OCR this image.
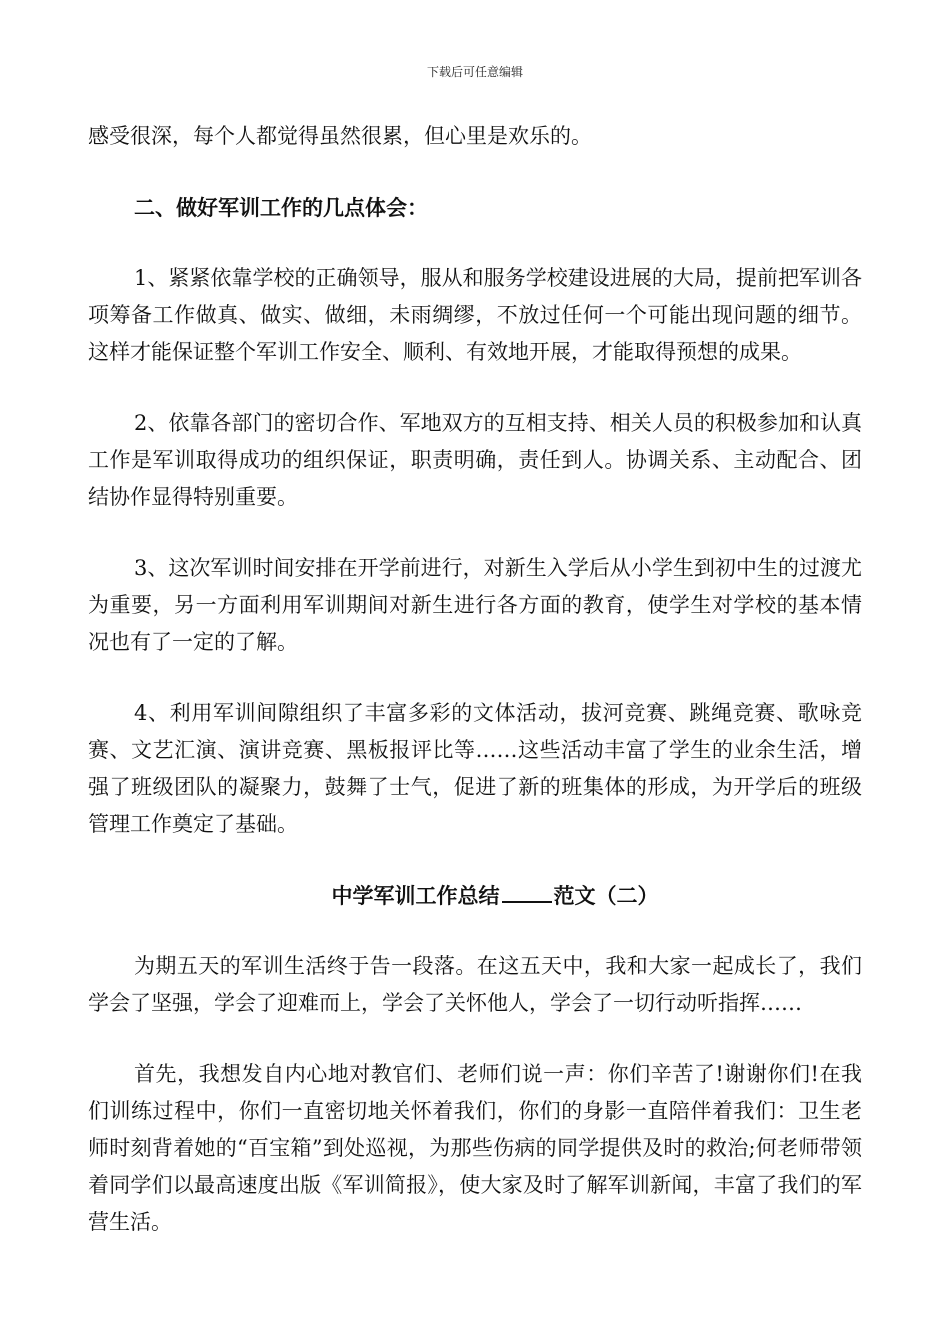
下载后可任意编辑

感受很深，每个人都觉得虽然很累，但心里是欢乐的。

二、做好军训工作的几点体会：

1、紧紧依靠学校的正确领导，服从和服务学校建设进展的大局，提前把军训各项筹备工作做真、做实、做细，未雨绸缪，不放过任何一个可能出现问题的细节。这样才能保证整个军训工作安全、顺利、有效地开展，才能取得预想的成果。

2、依靠各部门的密切合作、军地双方的互相支持、相关人员的积极参加和认真工作是军训取得成功的组织保证，职责明确，责任到人。协调关系、主动配合、团结协作显得特别重要。

3、这次军训时间安排在开学前进行，对新生入学后从小学生到初中生的过渡尤为重要，另一方面利用军训期间对新生进行各方面的教育，使学生对学校的基本情况也有了一定的了解。

4、利用军训间隙组织了丰富多彩的文体活动，拔河竞赛、跳绳竞赛、歌咏竞赛、文艺汇演、演讲竞赛、黑板报评比等……这些活动丰富了学生的业余生活，增强了班级团队的凝聚力，鼓舞了士气，促进了新的班集体的形成，为开学后的班级管理工作奠定了基础。

中学军训工作总结	范文（二）

为期五天的军训生活终于告一段落。在这五天中，我和大家一起成长了，我们学会了坚强，学会了迎难而上，学会了关怀他人，学会了一切行动听指挥……

首先，我想发自内心地对教官们、老师们说一声：你们辛苦了!谢谢你们!在我们训练过程中，你们一直密切地关怀着我们，你们的身影一直陪伴着我们：卫生老师时刻背着她的“百宝箱”到处巡视，为那些伤病的同学提供及时的救治;何老师带领着同学们以最高速度出版《军训简报》，使大家及时了解军训新闻，丰富了我们的军营生活。
